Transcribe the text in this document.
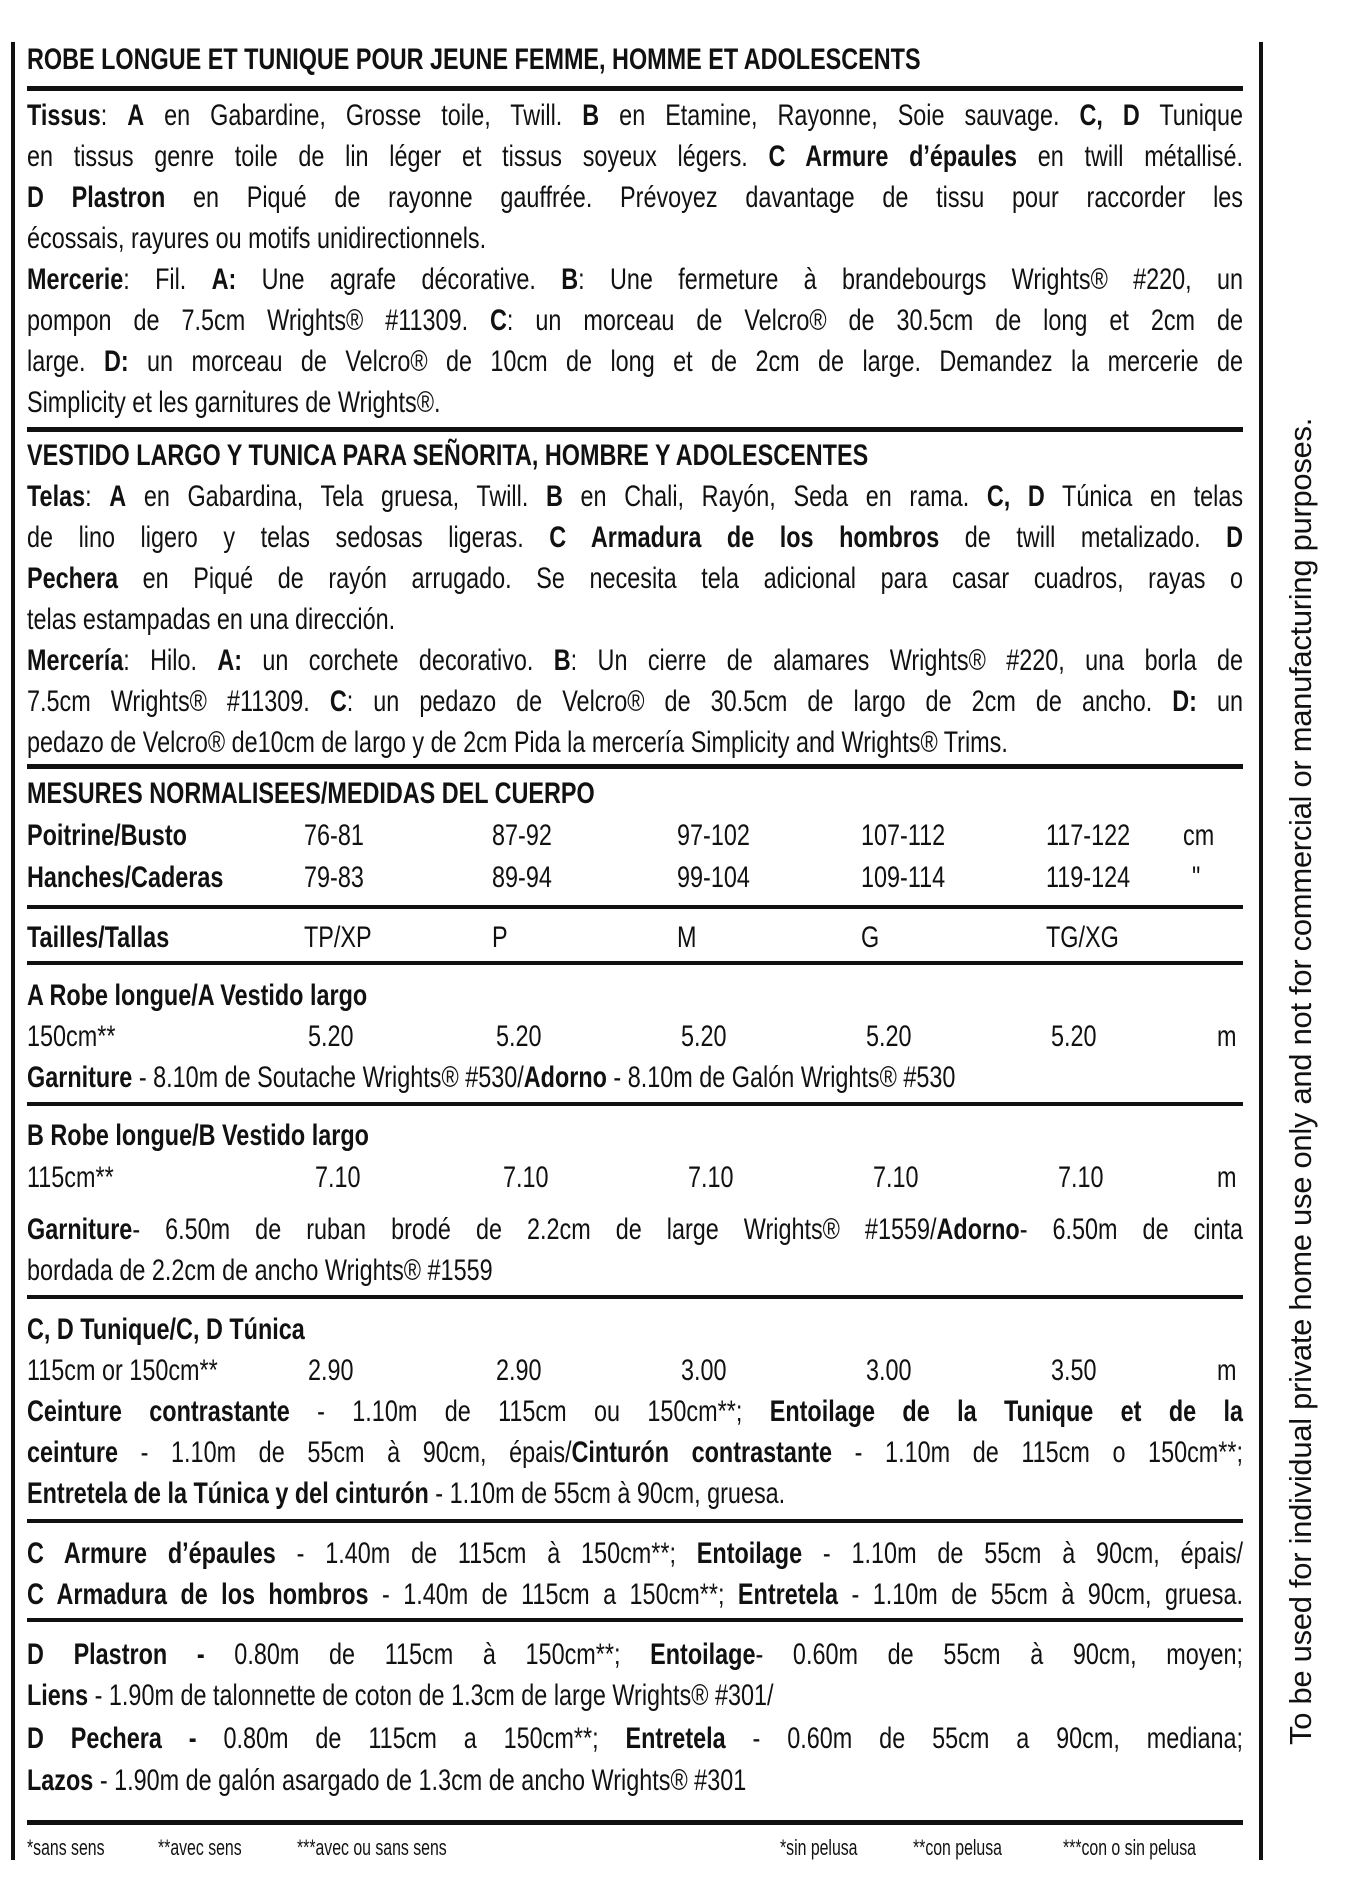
ROBE LONGUE ET TUNIQUE POUR JEUNE FEMME, HOMME ET ADOLESCENTS
Tissus: A en Gabardine, Grosse toile, Twill. B en Etamine, Rayonne, Soie sauvage. C, D Tunique
en tissus genre toile de lin léger et tissus soyeux légers. C Armure d’épaules en twill métallisé.
D Plastron en Piqué de rayonne gauffrée. Prévoyez davantage de tissu pour raccorder les
écossais, rayures ou motifs unidirectionnels.
Mercerie: Fil. A: Une agrafe décorative. B: Une fermeture à brandebourgs Wrights® #220, un
pompon de 7.5cm Wrights® #11309. C: un morceau de Velcro® de 30.5cm de long et 2cm de
large. D: un morceau de Velcro® de 10cm de long et de 2cm de large. Demandez la mercerie de
Simplicity et les garnitures de Wrights®.
VESTIDO LARGO Y TUNICA PARA SEÑORITA, HOMBRE Y ADOLESCENTES
Telas: A en Gabardina, Tela gruesa, Twill. B en Chali, Rayón, Seda en rama. C, D Túnica en telas
de lino ligero y telas sedosas ligeras. C Armadura de los hombros de twill metalizado. D
Pechera en Piqué de rayón arrugado. Se necesita tela adicional para casar cuadros, rayas o
telas estampadas en una dirección.
Mercería: Hilo. A: un corchete decorativo. B: Un cierre de alamares Wrights® #220, una borla de
7.5cm Wrights® #11309. C: un pedazo de Velcro® de 30.5cm de largo de 2cm de ancho. D: un
pedazo de Velcro® de10cm de largo y de 2cm Pida la mercería Simplicity and Wrights® Trims.
MESURES NORMALISEES/MEDIDAS DEL CUERPO
Poitrine/Busto	76-81	87-92	97-102	107-112	117-122 cm
Hanches/Caderas	79-83	89-94	99-104	109-114	119-124 "
Tailles/Tallas	TP/XP	P	M	G	TG/XG
A Robe longue/A Vestido largo
150cm**	5.20	5.20	5.20	5.20	5.20	m
Garniture - 8.10m de Soutache Wrights® #530/Adorno - 8.10m de Galón Wrights® #530
B Robe longue/B Vestido largo
115cm**	7.10	7.10	7.10	7.10	7.10	m
Garniture- 6.50m de ruban brodé de 2.2cm de large Wrights® #1559/Adorno- 6.50m de cinta
bordada de 2.2cm de ancho Wrights® #1559
C, D Tunique/C, D Túnica
115cm or 150cm**	2.90	2.90	3.00	3.00	3.50	m
Ceinture contrastante - 1.10m de 115cm ou 150cm**; Entoilage de la Tunique et de la
ceinture - 1.10m de 55cm à 90cm, épais/Cinturón contrastante - 1.10m de 115cm o 150cm**;
Entretela de la Túnica y del cinturón - 1.10m de 55cm à 90cm, gruesa.
C Armure d’épaules - 1.40m de 115cm à 150cm**; Entoilage - 1.10m de 55cm à 90cm, épais/
C Armadura de los hombros - 1.40m de 115cm a 150cm**; Entretela - 1.10m de 55cm à 90cm, gruesa.
D Plastron - 0.80m de 115cm à 150cm**; Entoilage- 0.60m de 55cm à 90cm, moyen;
Liens - 1.90m de talonnette de coton de 1.3cm de large Wrights® #301/
D Pechera - 0.80m de 115cm a 150cm**; Entretela - 0.60m de 55cm a 90cm, mediana;
Lazos - 1.90m de galón asargado de 1.3cm de ancho Wrights® #301
*sans sens **avec sens	***avec ou sans sens	*sin pelusa	**con pelusa	***con o sin pelusa
To be used for individual private home use only and not for commercial or manufacturing purposes.
